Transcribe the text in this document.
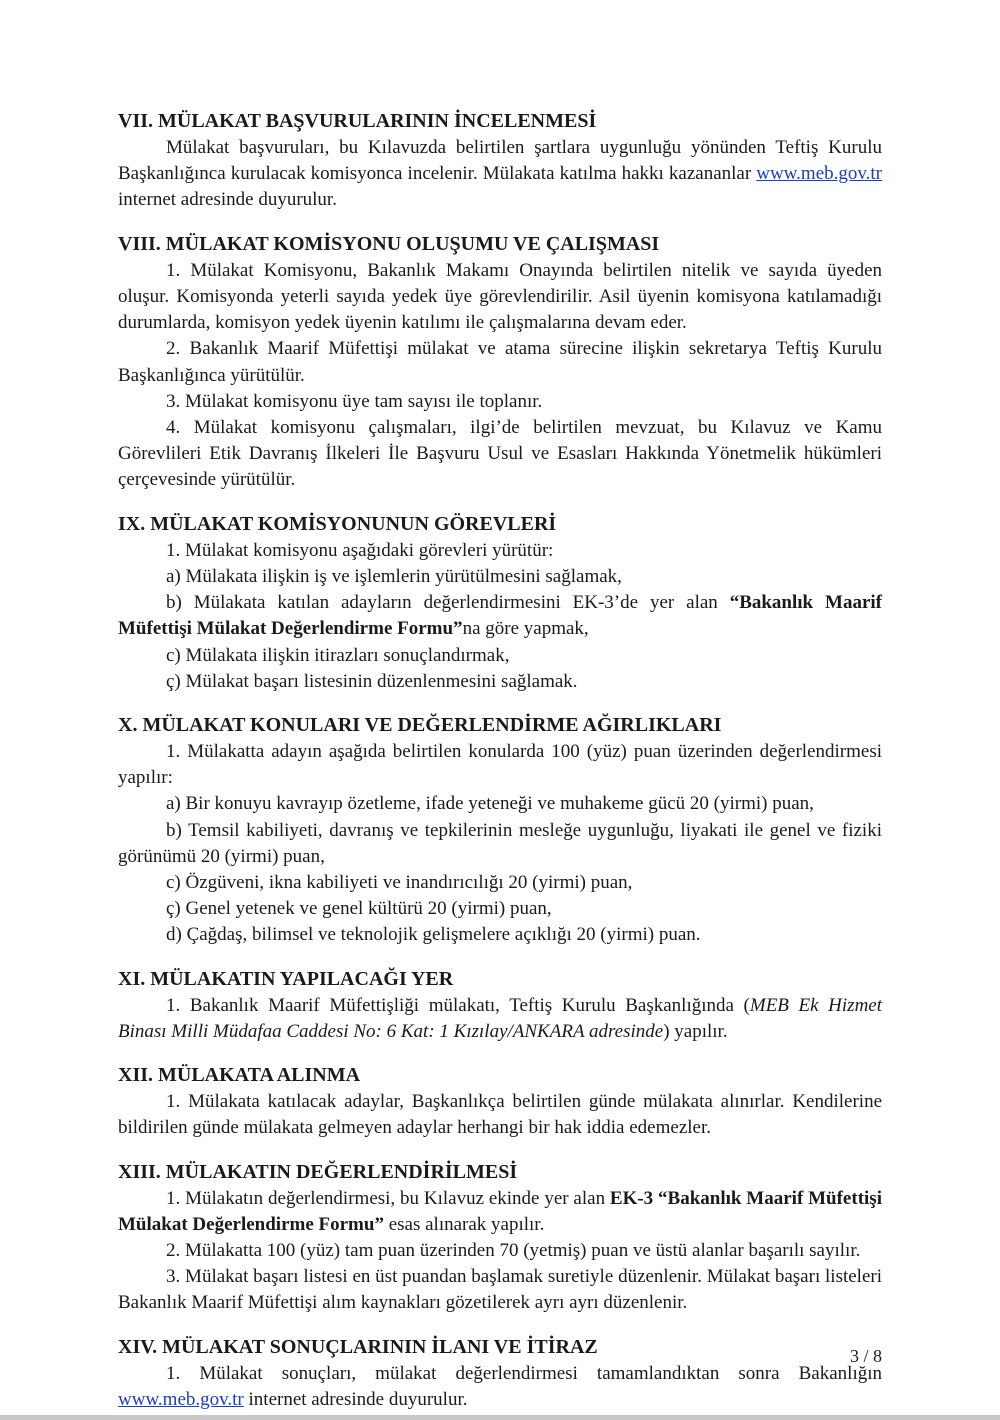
VII. MÜLAKAT BAŞVURULARININ İNCELENMESİ

Mülakat başvuruları, bu Kılavuzda belirtilen şartlara uygunluğu yönünden Teftiş Kurulu Başkanlığınca kurulacak komisyonca incelenir. Mülakata katılma hakkı kazananlar www.meb.gov.tr internet adresinde duyurulur.

VIII. MÜLAKAT KOMİSYONU OLUŞUMU VE ÇALIŞMASI

1. Mülakat Komisyonu, Bakanlık Makamı Onayında belirtilen nitelik ve sayıda üyeden oluşur. Komisyonda yeterli sayıda yedek üye görevlendirilir. Asil üyenin komisyona katılamadığı durumlarda, komisyon yedek üyenin katılımı ile çalışmalarına devam eder.

2. Bakanlık Maarif Müfettişi mülakat ve atama sürecine ilişkin sekretarya Teftiş Kurulu Başkanlığınca yürütülür.

3. Mülakat komisyonu üye tam sayısı ile toplanır.

4. Mülakat komisyonu çalışmaları, ilgi’de belirtilen mevzuat, bu Kılavuz ve Kamu Görevlileri Etik Davranış İlkeleri İle Başvuru Usul ve Esasları Hakkında Yönetmelik hükümleri çerçevesinde yürütülür.

IX. MÜLAKAT KOMİSYONUNUN GÖREVLERİ

1. Mülakat komisyonu aşağıdaki görevleri yürütür:

a) Mülakata ilişkin iş ve işlemlerin yürütülmesini sağlamak,

b) Mülakata katılan adayların değerlendirmesini EK-3’de yer alan “Bakanlık Maarif Müfettişi Mülakat Değerlendirme Formu”na göre yapmak,

c) Mülakata ilişkin itirazları sonuçlandırmak,

ç) Mülakat başarı listesinin düzenlenmesini sağlamak.

X. MÜLAKAT KONULARI VE DEĞERLENDİRME AĞIRLIKLARI

1. Mülakatta adayın aşağıda belirtilen konularda 100 (yüz) puan üzerinden değerlendirmesi yapılır:

a) Bir konuyu kavrayıp özetleme, ifade yeteneği ve muhakeme gücü 20 (yirmi) puan,

b) Temsil kabiliyeti, davranış ve tepkilerinin mesleğe uygunluğu, liyakati ile genel ve fiziki görünümü 20 (yirmi) puan,

c) Özgüveni, ikna kabiliyeti ve inandırıcılığı 20 (yirmi) puan,

ç) Genel yetenek ve genel kültürü 20 (yirmi) puan,

d) Çağdaş, bilimsel ve teknolojik gelişmelere açıklığı 20 (yirmi) puan.

XI. MÜLAKATIN YAPILACAĞI YER

1. Bakanlık Maarif Müfettişliği mülakatı, Teftiş Kurulu Başkanlığında (MEB Ek Hizmet Binası Milli Müdafaa Caddesi No: 6 Kat: 1 Kızılay/ANKARA adresinde) yapılır.

XII. MÜLAKATA ALINMA

1. Mülakata katılacak adaylar, Başkanlıkça belirtilen günde mülakata alınırlar. Kendilerine bildirilen günde mülakata gelmeyen adaylar herhangi bir hak iddia edemezler.

XIII. MÜLAKATIN DEĞERLENDİRİLMESİ

1. Mülakatın değerlendirmesi, bu Kılavuz ekinde yer alan EK-3 “Bakanlık Maarif Müfettişi Mülakat Değerlendirme Formu” esas alınarak yapılır.

2. Mülakatta 100 (yüz) tam puan üzerinden 70 (yetmiş) puan ve üstü alanlar başarılı sayılır.

3. Mülakat başarı listesi en üst puandan başlamak suretiyle düzenlenir. Mülakat başarı listeleri Bakanlık Maarif Müfettişi alım kaynakları gözetilerek ayrı ayrı düzenlenir.

XIV. MÜLAKAT SONUÇLARININ İLANI VE İTİRAZ

1. Mülakat sonuçları, mülakat değerlendirmesi tamamlandıktan sonra Bakanlığın www.meb.gov.tr internet adresinde duyurulur.

3 / 8
